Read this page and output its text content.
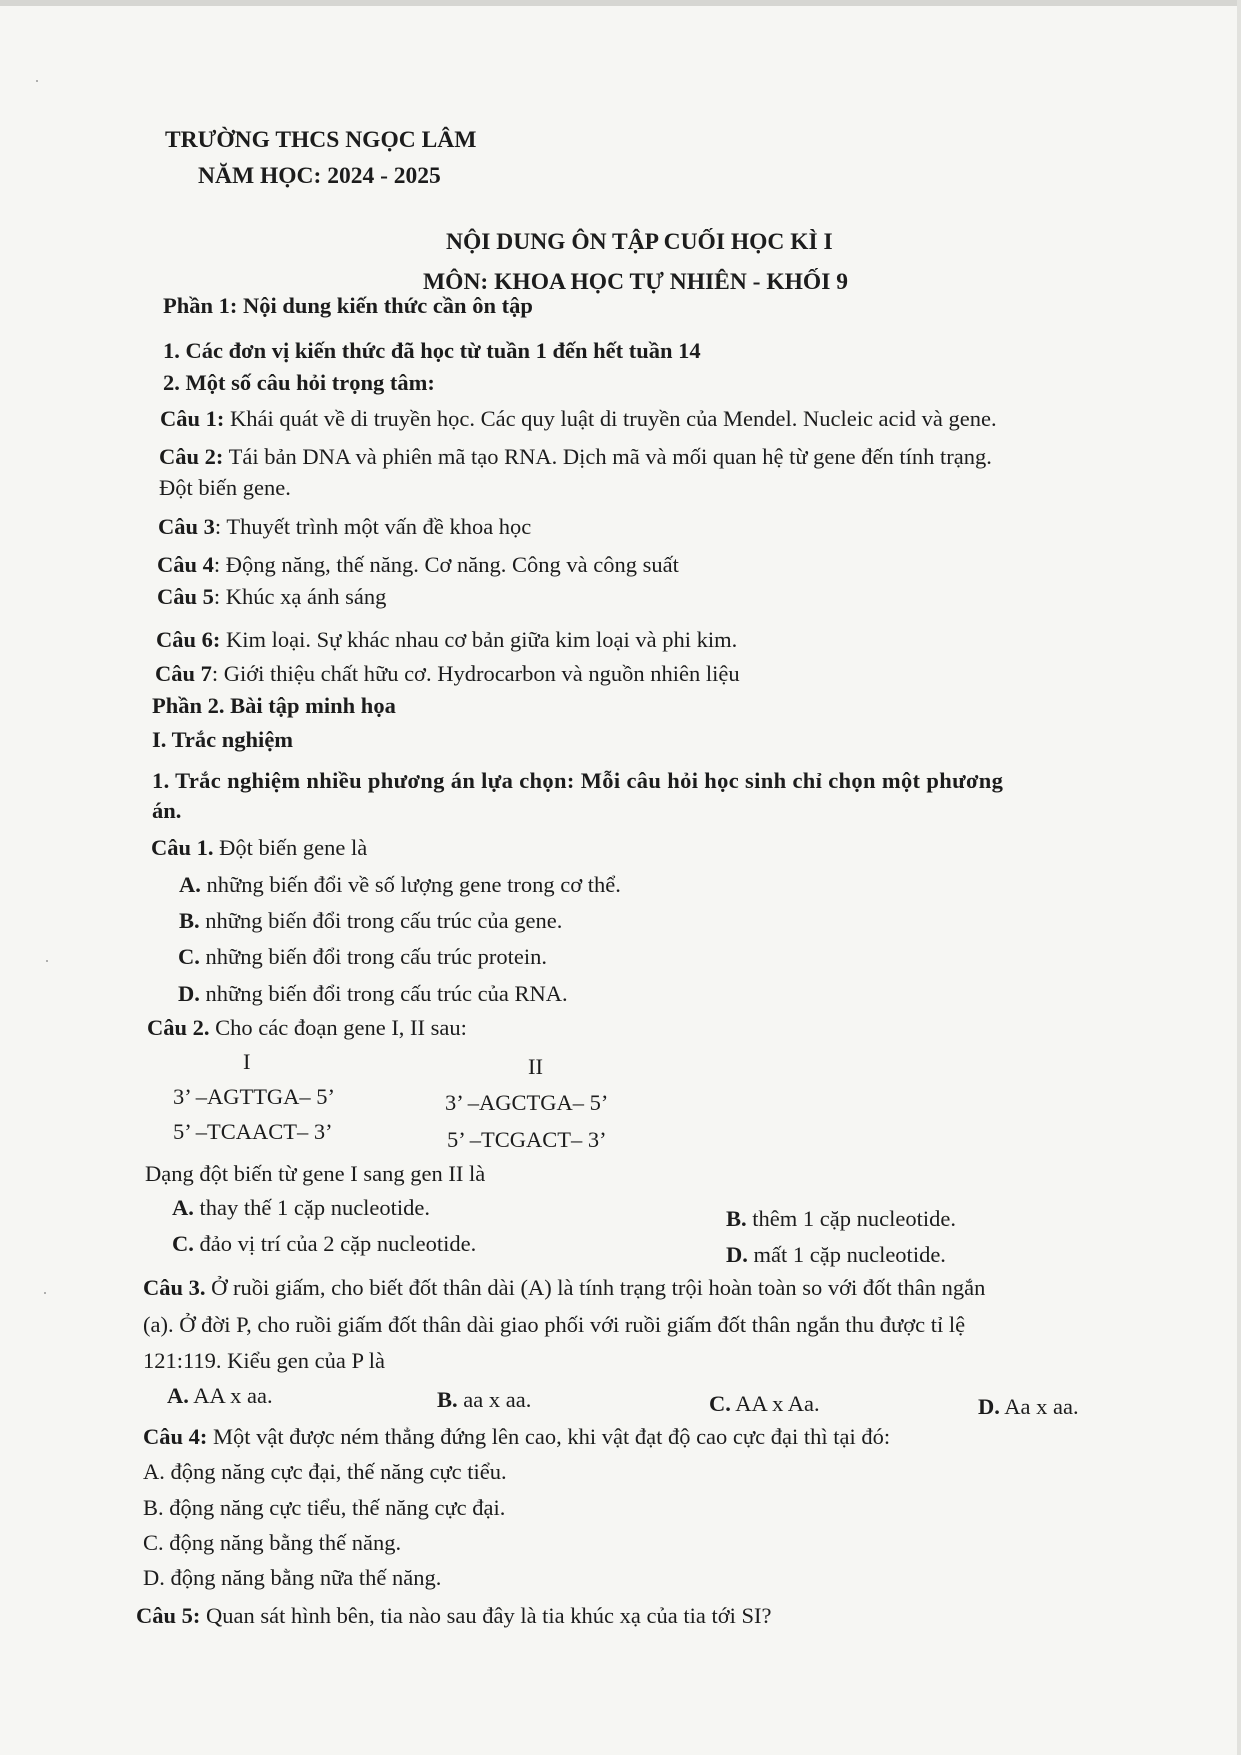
TRƯỜNG THCS NGỌC LÂM
NĂM HỌC: 2024 - 2025
NỘI DUNG ÔN TẬP CUỐI HỌC KÌ I
MÔN: KHOA HỌC TỰ NHIÊN - KHỐI 9
Phần 1: Nội dung kiến thức cần ôn tập
1. Các đơn vị kiến thức đã học từ tuần 1 đến hết tuần 14
2. Một số câu hỏi trọng tâm:
Câu 1: Khái quát về di truyền học. Các quy luật di truyền của Mendel. Nucleic acid và gene.
Câu 2: Tái bản DNA và phiên mã tạo RNA. Dịch mã và mối quan hệ từ gene đến tính trạng.
Đột biến gene.
Câu 3: Thuyết trình một vấn đề khoa học
Câu 4: Động năng, thế năng. Cơ năng. Công và công suất
Câu 5: Khúc xạ ánh sáng
Câu 6: Kim loại. Sự khác nhau cơ bản giữa kim loại và phi kim.
Câu 7: Giới thiệu chất hữu cơ. Hydrocarbon và nguồn nhiên liệu
Phần 2. Bài tập minh họa
I. Trắc nghiệm
1. Trắc nghiệm nhiều phương án lựa chọn: Mỗi câu hỏi học sinh chỉ chọn một phương
án.
Câu 1. Đột biến gene là
A. những biến đổi về số lượng gene trong cơ thể.
B. những biến đổi trong cấu trúc của gene.
C. những biến đổi trong cấu trúc protein.
D. những biến đổi trong cấu trúc của RNA.
Câu 2. Cho các đoạn gene I, II sau:
I	II
3’ –AGTTGA– 5’	3’ –AGCTGA– 5’
5’ –TCAACT– 3’	5’ –TCGACT– 3’
Dạng đột biến từ gene I sang gen II là
A. thay thế 1 cặp nucleotide.	B. thêm 1 cặp nucleotide.
C. đảo vị trí của 2 cặp nucleotide.	D. mất 1 cặp nucleotide.
Câu 3. Ở ruồi giấm, cho biết đốt thân dài (A) là tính trạng trội hoàn toàn so với đốt thân ngắn
(a). Ở đời P, cho ruồi giấm đốt thân dài giao phối với ruồi giấm đốt thân ngắn thu được tỉ lệ
121:119. Kiểu gen của P là
A. AA x aa.	B. aa x aa.	C. AA x Aa.	D. Aa x aa.
Câu 4: Một vật được ném thẳng đứng lên cao, khi vật đạt độ cao cực đại thì tại đó:
A. động năng cực đại, thế năng cực tiểu.
B. động năng cực tiểu, thế năng cực đại.
C. động năng bằng thế năng.
D. động năng bằng nữa thế năng.
Câu 5: Quan sát hình bên, tia nào sau đây là tia khúc xạ của tia tới SI?
